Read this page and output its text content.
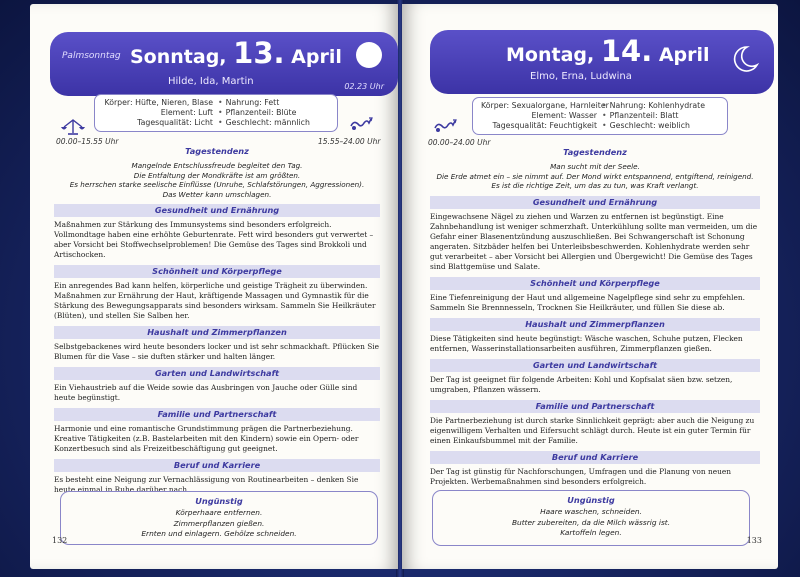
Palmsonntag Sonntag, 13. April
Hilde, Ida, Martin	02.23 Uhr
Körper: Hüfte, Nieren, Blase	• Nahrung: Fett
Element: Luft	• Pflanzenteil: Blüte
Tagesqualität: Licht	• Geschlecht: männlich
00.00–15.55 Uhr	15.55–24.00 Uhr
Tagestendenz
Mangelnde Entschlussfreude begleitet den Tag.
Die Entfaltung der Mondkräfte ist am größten.
Es herrschen starke seelische Einflüsse (Unruhe, Schlafstörungen, Aggressionen).
Das Wetter kann umschlagen.
Gesundheit und Ernährung
Maßnahmen zur Stärkung des Immunsystems sind besonders erfolgreich. Vollmondtage haben eine erhöhte Geburtenrate. Fett wird besonders gut verwertet – aber Vorsicht bei Stoffwechselproblemen! Die Gemüse des Tages sind Brokkoli und Artischocken.
Schönheit und Körperpflege
Ein anregendes Bad kann helfen, körperliche und geistige Trägheit zu überwinden. Maßnahmen zur Ernährung der Haut, kräftigende Massagen und Gymnastik für die Stärkung des Bewegungsapparats sind besonders wirksam. Sammeln Sie Heilkräuter (Blüten), und stellen Sie Salben her.
Haushalt und Zimmerpflanzen
Selbstgebackenes wird heute besonders locker und ist sehr schmackhaft. Pflücken Sie Blumen für die Vase – sie duften stärker und halten länger.
Garten und Landwirtschaft
Ein Viehaustrieb auf die Weide sowie das Ausbringen von Jauche oder Gülle sind heute begünstigt.
Familie und Partnerschaft
Harmonie und eine romantische Grundstimmung prägen die Partnerbeziehung. Kreative Tätigkeiten (z.B. Bastelarbeiten mit den Kindern) sowie ein Opern- oder Konzertbesuch sind als Freizeitbeschäftigung gut geeignet.
Beruf und Karriere
Es besteht eine Neigung zur Vernachlässigung von Routinearbeiten – denken Sie heute einmal in Ruhe darüber nach.
Ungünstig
Körperhaare entfernen.
Zimmerpflanzen gießen.
Ernten und einlagern. Gehölze schneiden.
132
Montag, 14. April
Elmo, Erna, Ludwina
Körper: Sexualorgane, Harnleiter • Nahrung: Kohlenhydrate
Element: Wasser	• Pflanzenteil: Blatt
Tagesqualität: Feuchtigkeit	• Geschlecht: weiblich
00.00–24.00 Uhr
Tagestendenz
Man sucht mit der Seele.
Die Erde atmet ein – sie nimmt auf. Der Mond wirkt entspannend, entgiftend, reinigend.
Es ist die richtige Zeit, um das zu tun, was Kraft verlangt.
Gesundheit und Ernährung
Eingewachsene Nägel zu ziehen und Warzen zu entfernen ist begünstigt. Eine Zahnbehandlung ist weniger schmerzhaft. Unterkühlung sollte man vermeiden, um die Gefahr einer Blasenentzündung auszuschließen. Bei Schwangerschaft ist Schonung angeraten. Sitzbäder helfen bei Unterleibsbeschwerden. Kohlenhydrate werden sehr gut verarbeitet – aber Vorsicht bei Allergien und Übergewicht! Die Gemüse des Tages sind Blattgemüse und Salate.
Schönheit und Körperpflege
Eine Tiefenreinigung der Haut und allgemeine Nagelpflege sind sehr zu empfehlen. Sammeln Sie Brennnesseln, Trocknen Sie Heilkräuter, und füllen Sie diese ab.
Haushalt und Zimmerpflanzen
Diese Tätigkeiten sind heute begünstigt: Wäsche waschen, Schuhe putzen, Flecken entfernen, Wasserinstallationsarbeiten ausführen, Zimmerpflanzen gießen.
Garten und Landwirtschaft
Der Tag ist geeignet für folgende Arbeiten: Kohl und Kopfsalat säen bzw. setzen, umgraben, Pflanzen wässern.
Familie und Partnerschaft
Die Partnerbeziehung ist durch starke Sinnlichkeit geprägt: aber auch die Neigung zu eigenwilligem Verhalten und Eifersucht schlägt durch. Heute ist ein guter Termin für einen Einkaufsbummel mit der Familie.
Beruf und Karriere
Der Tag ist günstig für Nachforschungen, Umfragen und die Planung von neuen Projekten. Werbemaßnahmen sind besonders erfolgreich.
Ungünstig
Haare waschen, schneiden.
Butter zubereiten, da die Milch wässrig ist.
Kartoffeln legen.
133
